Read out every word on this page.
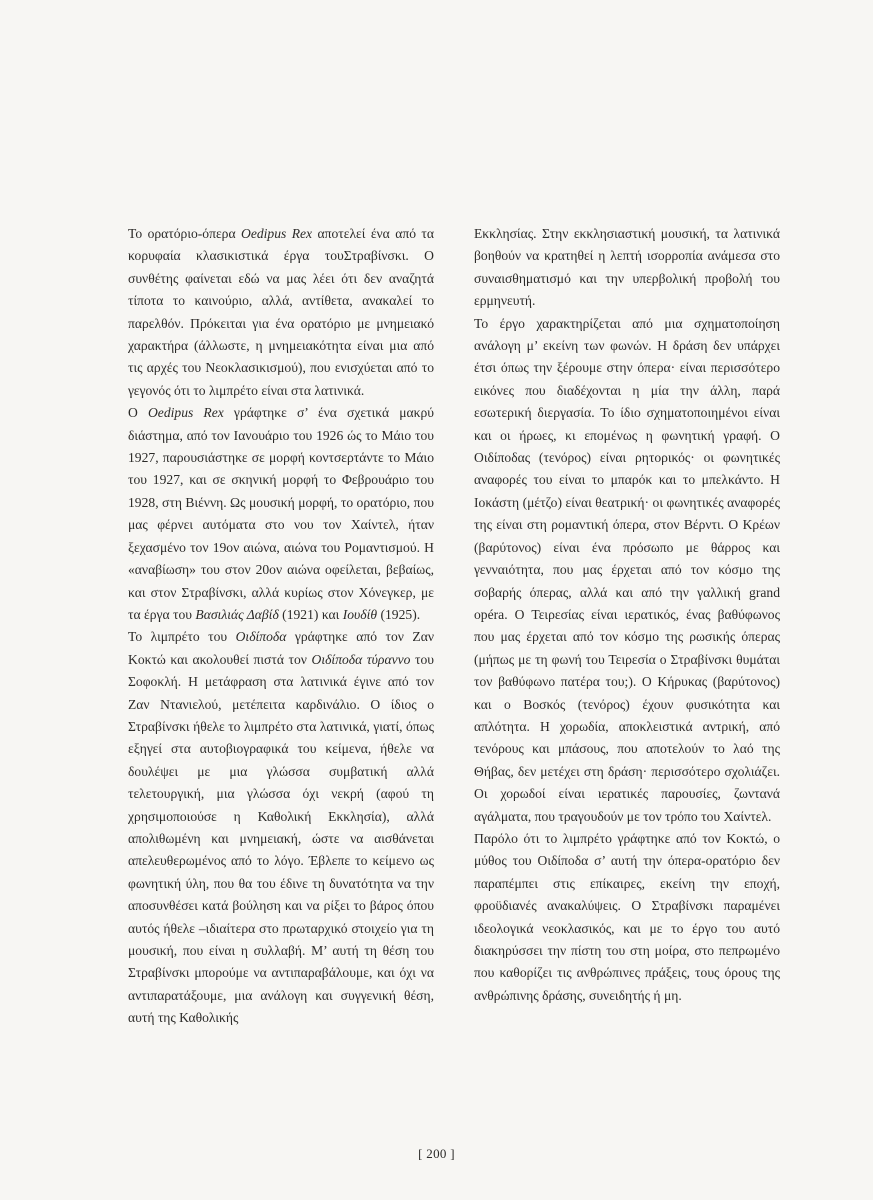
Το ορατόριο-όπερα Oedipus Rex αποτελεί ένα από τα κορυφαία κλασικιστικά έργα τουΣτραβίνσκι. Ο συνθέτης φαίνεται εδώ να μας λέει ότι δεν αναζητά τίποτα το καινούριο, αλλά, αντίθετα, ανακαλεί το παρελθόν. Πρόκειται για ένα ορατόριο με μνημειακό χαρακτήρα (άλλωστε, η μνημειακότητα είναι μια από τις αρχές του Νεοκλασικισμού), που ενισχύεται από το γεγονός ότι το λιμπρέτο είναι στα λατινικά.

Ο Oedipus Rex γράφτηκε σ’ ένα σχετικά μακρύ διάστημα, από τον Ιανουάριο του 1926 ώς το Μάιο του 1927, παρουσιάστηκε σε μορφή κοντσερτάντε το Μάιο του 1927, και σε σκηνική μορφή το Φεβρουάριο του 1928, στη Βιέννη. Ως μουσική μορφή, το ορατόριο, που μας φέρνει αυτόματα στο νου τον Χαίντελ, ήταν ξεχασμένο τον 19ον αιώνα, αιώνα του Ρομαντισμού. Η «αναβίωση» του στον 20ον αιώνα οφείλεται, βεβαίως, και στον Στραβίνσκι, αλλά κυρίως στον Χόνεγκερ, με τα έργα του Βασιλιάς Δαβίδ (1921) και Ιουδίθ (1925).

Το λιμπρέτο του Οιδίποδα γράφτηκε από τον Ζαν Κοκτώ και ακολουθεί πιστά τον Οιδίποδα τύραννο του Σοφοκλή. Η μετάφραση στα λατινικά έγινε από τον Ζαν Ντανιελού, μετέπειτα καρδινάλιο. Ο ίδιος ο Στραβίνσκι ήθελε το λιμπρέτο στα λατινικά, γιατί, όπως εξηγεί στα αυτοβιογραφικά του κείμενα, ήθελε να δουλέψει με μια γλώσσα συμβατική αλλά τελετουργική, μια γλώσσα όχι νεκρή (αφού τη χρησιμοποιούσε η Καθολική Εκκλησία), αλλά απολιθωμένη και μνημειακή, ώστε να αισθάνεται απελευθερωμένος από το λόγο. Έβλεπε το κείμενο ως φωνητική ύλη, που θα του έδινε τη δυνατότητα να την αποσυνθέσει κατά βούληση και να ρίξει το βάρος όπου αυτός ήθελε –ιδιαίτερα στο πρωταρχικό στοιχείο για τη μουσική, που είναι η συλλαβή. Μ’ αυτή τη θέση του Στραβίνσκι μπορούμε να αντιπαραβάλουμε, και όχι να αντιπαρατάξουμε, μια ανάλογη και συγγενική θέση, αυτή της Καθολικής

Εκκλησίας. Στην εκκλησιαστική μουσική, τα λατινικά βοηθούν να κρατηθεί η λεπτή ισορροπία ανάμεσα στο συναισθηματισμό και την υπερβολική προβολή του ερμηνευτή.

Το έργο χαρακτηρίζεται από μια σχηματοποίηση ανάλογη μ’ εκείνη των φωνών. Η δράση δεν υπάρχει έτσι όπως την ξέρουμε στην όπερα· είναι περισσότερο εικόνες που διαδέχονται η μία την άλλη, παρά εσωτερική διεργασία. Το ίδιο σχηματοποιημένοι είναι και οι ήρωες, κι επομένως η φωνητική γραφή. Ο Οιδίποδας (τενόρος) είναι ρητορικός· οι φωνητικές αναφορές του είναι το μπαρόκ και το μπελκάντο. Η Ιοκάστη (μέτζο) είναι θεατρική· οι φωνητικές αναφορές της είναι στη ρομαντική όπερα, στον Βέρντι. Ο Κρέων (βαρύτονος) είναι ένα πρόσωπο με θάρρος και γενναιότητα, που μας έρχεται από τον κόσμο της σοβαρής όπερας, αλλά και από την γαλλική grand opéra. Ο Τειρεσίας είναι ιερατικός, ένας βαθύφωνος που μας έρχεται από τον κόσμο της ρωσικής όπερας (μήπως με τη φωνή του Τειρεσία ο Στραβίνσκι θυμάται τον βαθύφωνο πατέρα του;). Ο Κήρυκας (βαρύτονος) και ο Βοσκός (τενόρος) έχουν φυσικότητα και απλότητα. Η χορωδία, αποκλειστικά αντρική, από τενόρους και μπάσους, που αποτελούν το λαό της Θήβας, δεν μετέχει στη δράση· περισσότερο σχολιάζει. Οι χορωδοί είναι ιερατικές παρουσίες, ζωντανά αγάλματα, που τραγουδούν με τον τρόπο του Χαίντελ.

Παρόλο ότι το λιμπρέτο γράφτηκε από τον Κοκτώ, ο μύθος του Οιδίποδα σ’ αυτή την όπερα-ορατόριο δεν παραπέμπει στις επίκαιρες, εκείνη την εποχή, φροϋδιανές ανακαλύψεις. Ο Στραβίνσκι παραμένει ιδεολογικά νεοκλασικός, και με το έργο του αυτό διακηρύσσει την πίστη του στη μοίρα, στο πεπρωμένο που καθορίζει τις ανθρώπινες πράξεις, τους όρους της ανθρώπινης δράσης, συνειδητής ή μη.

[ 200 ]
